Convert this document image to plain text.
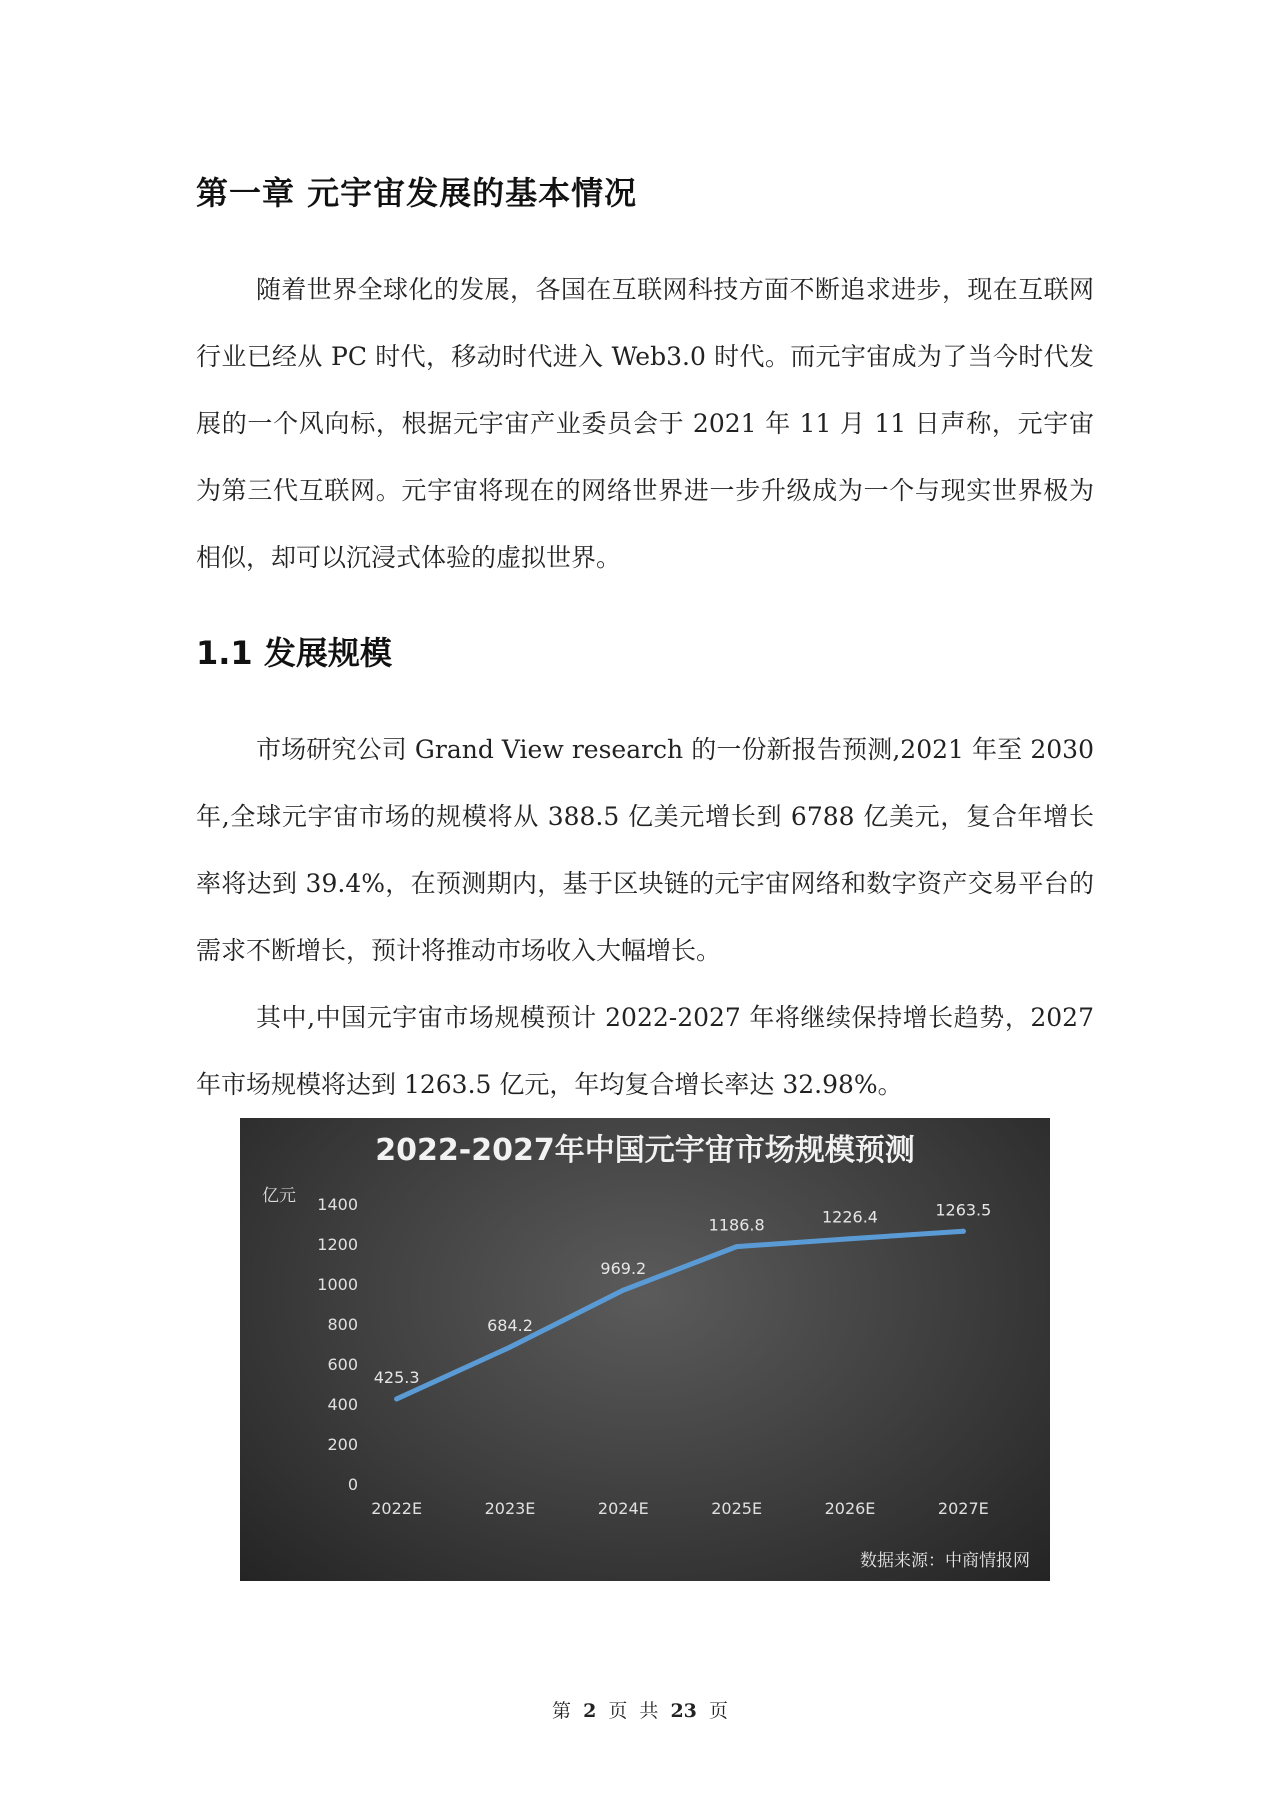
第一章 元宇宙发展的基本情况

随着世界全球化的发展，各国在互联网科技方面不断追求进步，现在互联网行业已经从 PC 时代，移动时代进入 Web3.0 时代。而元宇宙成为了当今时代发展的一个风向标，根据元宇宙产业委员会于 2021 年 11 月 11 日声称，元宇宙为第三代互联网。元宇宙将现在的网络世界进一步升级成为一个与现实世界极为相似，却可以沉浸式体验的虚拟世界。

1.1 发展规模

市场研究公司 Grand View research 的一份新报告预测,2021 年至 2030 年,全球元宇宙市场的规模将从 388.5 亿美元增长到 6788 亿美元，复合年增长率将达到 39.4%，在预测期内，基于区块链的元宇宙网络和数字资产交易平台的需求不断增长，预计将推动市场收入大幅增长。

其中,中国元宇宙市场规模预计 2022-2027 年将继续保持增长趋势，2027 年市场规模将达到 1263.5 亿元，年均复合增长率达 32.98%。

2022-2027年中国元宇宙市场规模预测
亿元
0
200
400
600
800
1000
1200
1400
2022E	2023E	2024E	2025E	2026E	2027E
425.3
684.2
969.2
1186.8	1226.4	1263.5
数据来源：中商情报网
第 2 页 共 23 页
